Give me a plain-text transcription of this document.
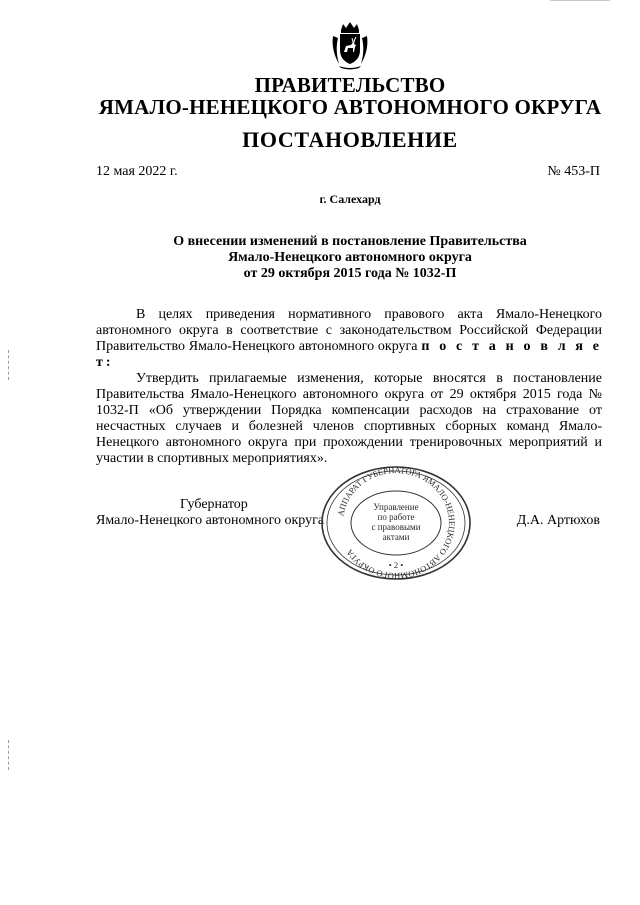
ПРАВИТЕЛЬСТВО
ЯМАЛО-НЕНЕЦКОГО АВТОНОМНОГО ОКРУГА
ПОСТАНОВЛЕНИЕ
12 мая 2022 г.	№ 453-П
г. Салехард
О внесении изменений в постановление Правительства
Ямало-Ненецкого автономного округа
от 29 октября 2015 года № 1032-П
В целях приведения нормативного правового акта Ямало-Ненецкого автономного округа в соответствие с законодательством Российской Федерации Правительство Ямало-Ненецкого автономного округа п о с т а н о в л я е т:
Утвердить прилагаемые изменения, которые вносятся в постановление Правительства Ямало-Ненецкого автономного округа от 29 октября 2015 года № 1032-П «Об утверждении Порядка компенсации расходов на страхование от несчастных случаев и болезней членов спортивных сборных команд Ямало-Ненецкого автономного округа при прохождении тренировочных мероприятий и участии в спортивных мероприятиях».
Губернатор
Ямало-Ненецкого автономного округа	Д.А. Артюхов
АППАРАТ ГУБЕРНАТОРА ЯМАЛО-НЕНЕЦКОГО АВТОНОМНОГО ОКРУГА
• 2 •
Управление
по работе
с правовыми
актами
